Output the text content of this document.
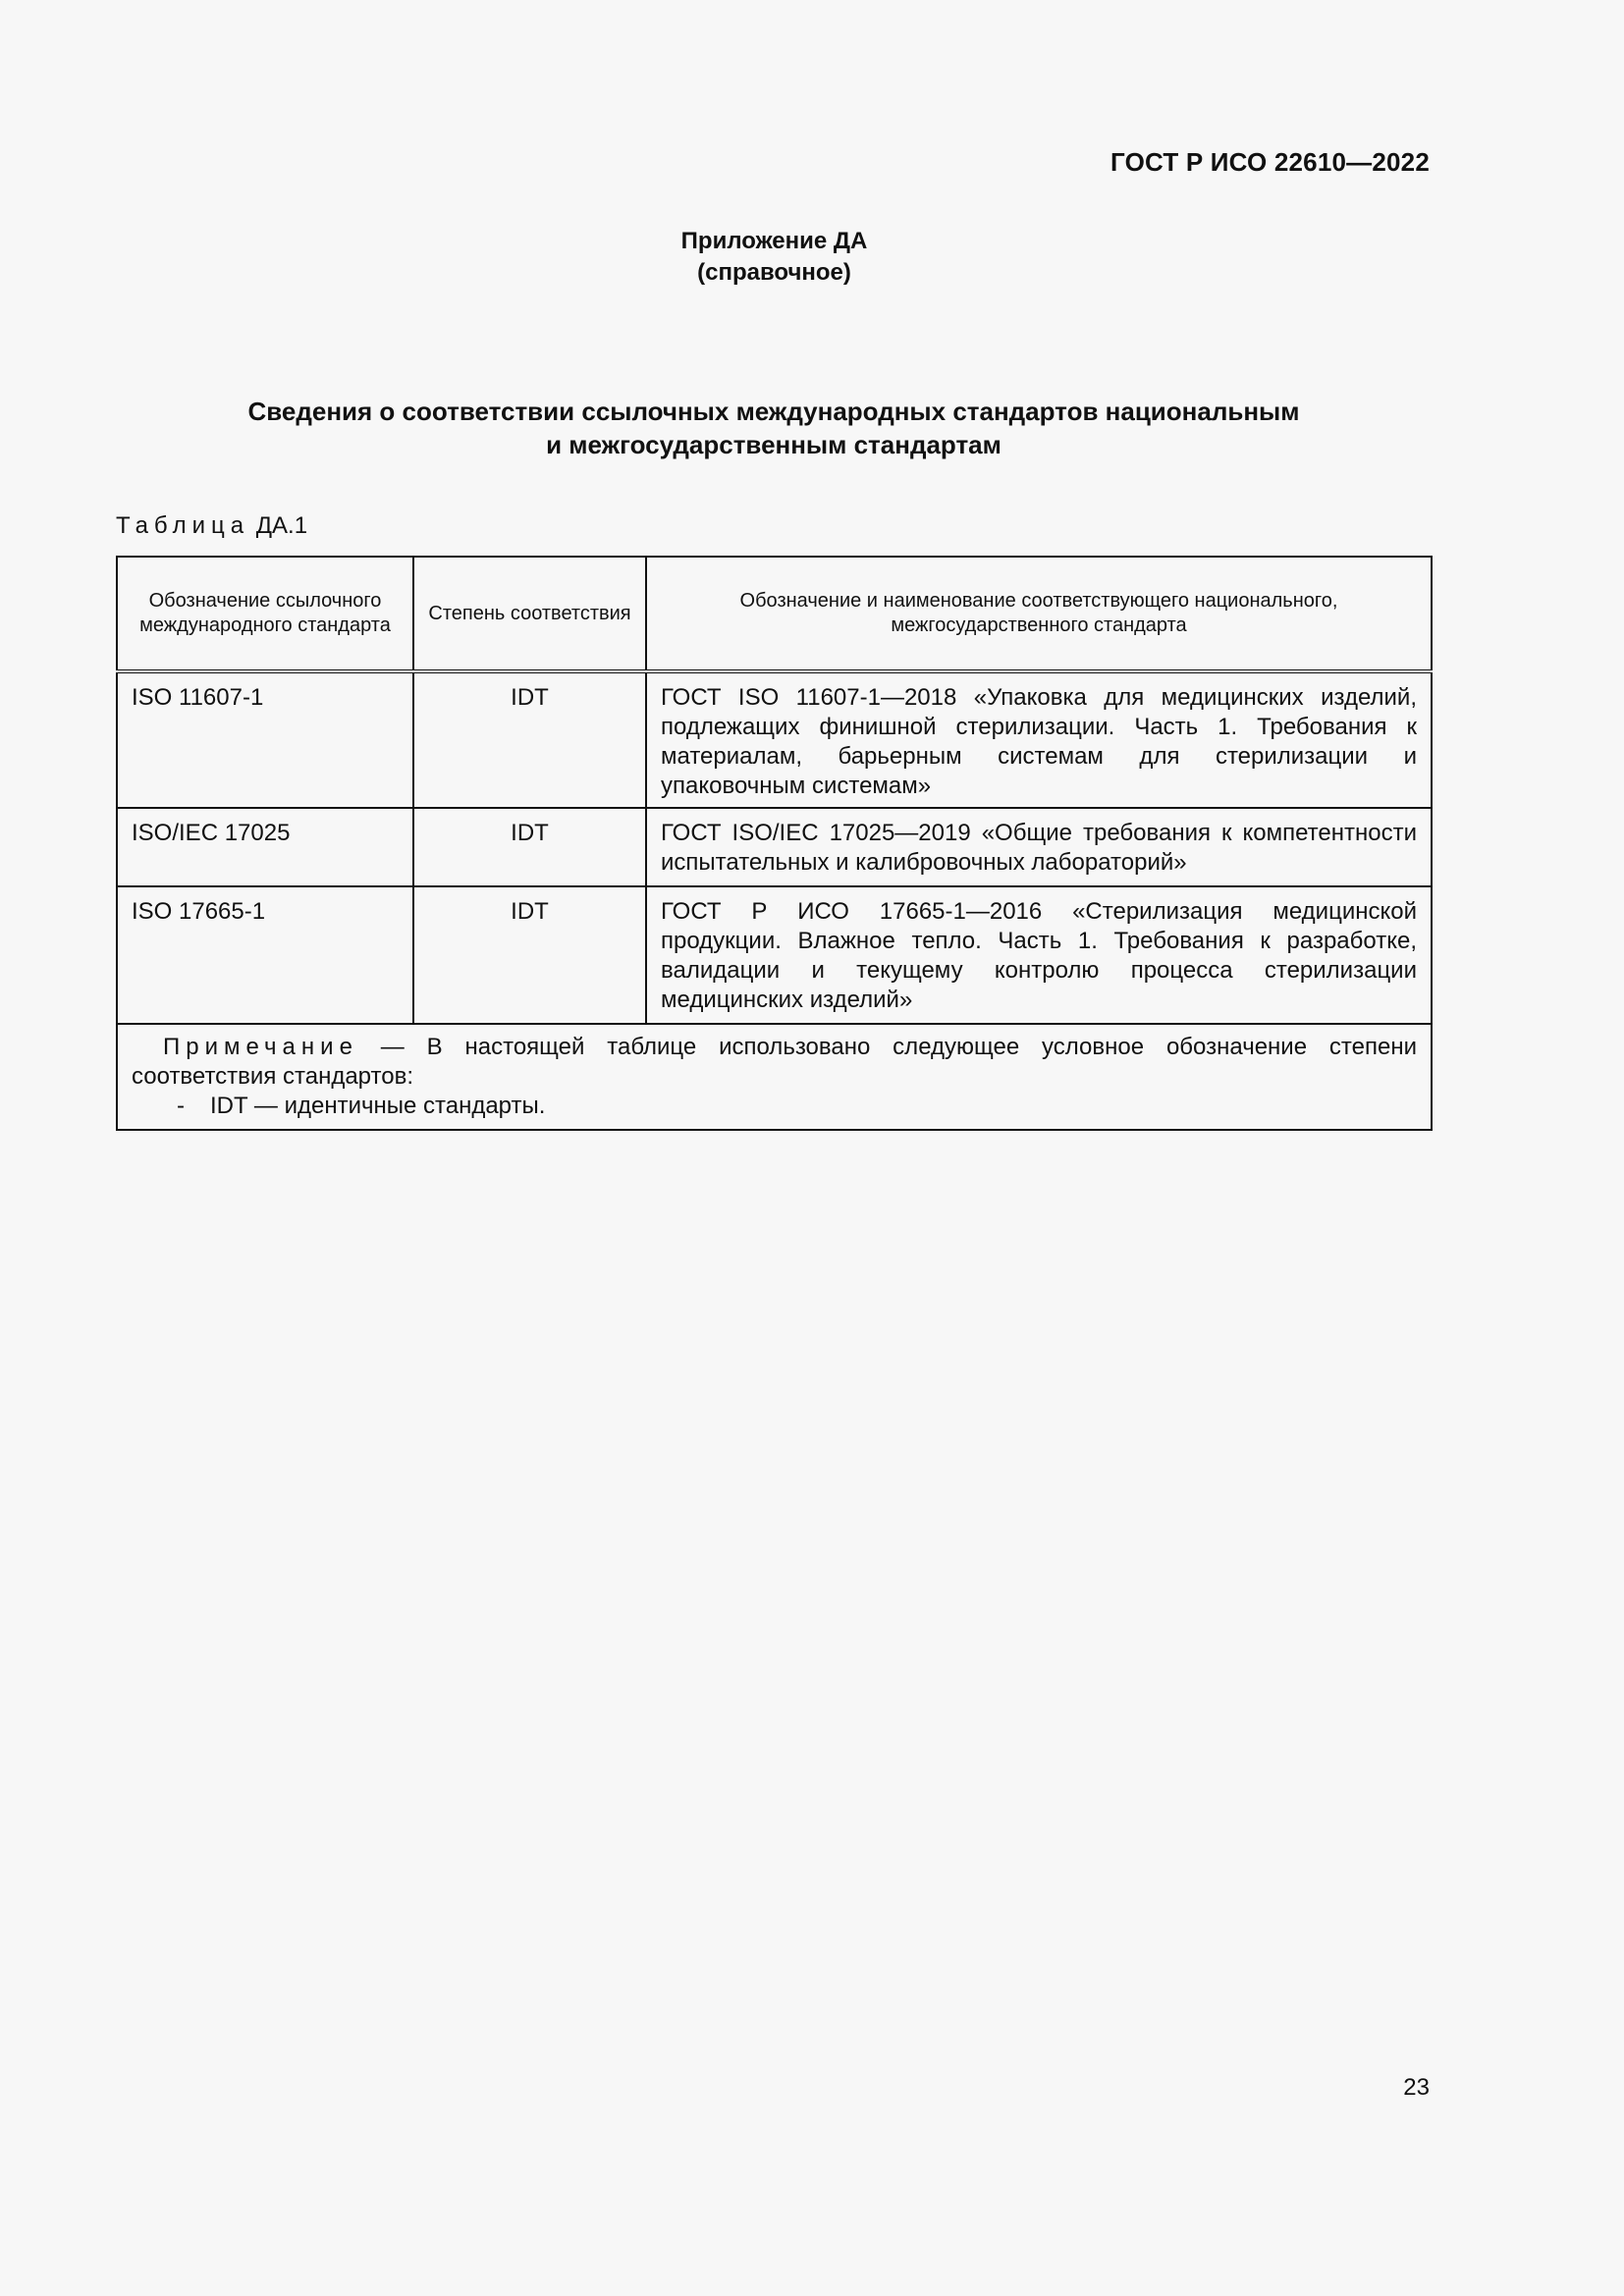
ГОСТ Р ИСО 22610—2022
Приложение ДА
(справочное)
Сведения о соответствии ссылочных международных стандартов национальным
и межгосударственным стандартам
Таблица ДА.1
Обозначение ссылочного международного стандарта	Степень соответствия	Обозначение и наименование соответствующего национального, межгосударственного стандарта
ISO 11607-1	IDT	ГОСТ ISO 11607-1—2018 «Упаковка для медицинских изделий, подлежащих финишной стерилизации. Часть 1. Требования к материалам, барьерным системам для стерилизации и упаковочным системам»
ISO/IEC 17025	IDT	ГОСТ ISO/IEC 17025—2019 «Общие требования к компетентности испытательных и калибровочных лабораторий»
ISO 17665-1	IDT	ГОСТ Р ИСО 17665-1—2016 «Стерилизация медицинской продукции. Влажное тепло. Часть 1. Требования к разработке, валидации и текущему контролю процесса стерилизации медицинских изделий»

Примечание — В настоящей таблице использовано следующее условное обозначение степени соответствия стандартов:
- IDT — идентичные стандарты.		
23
